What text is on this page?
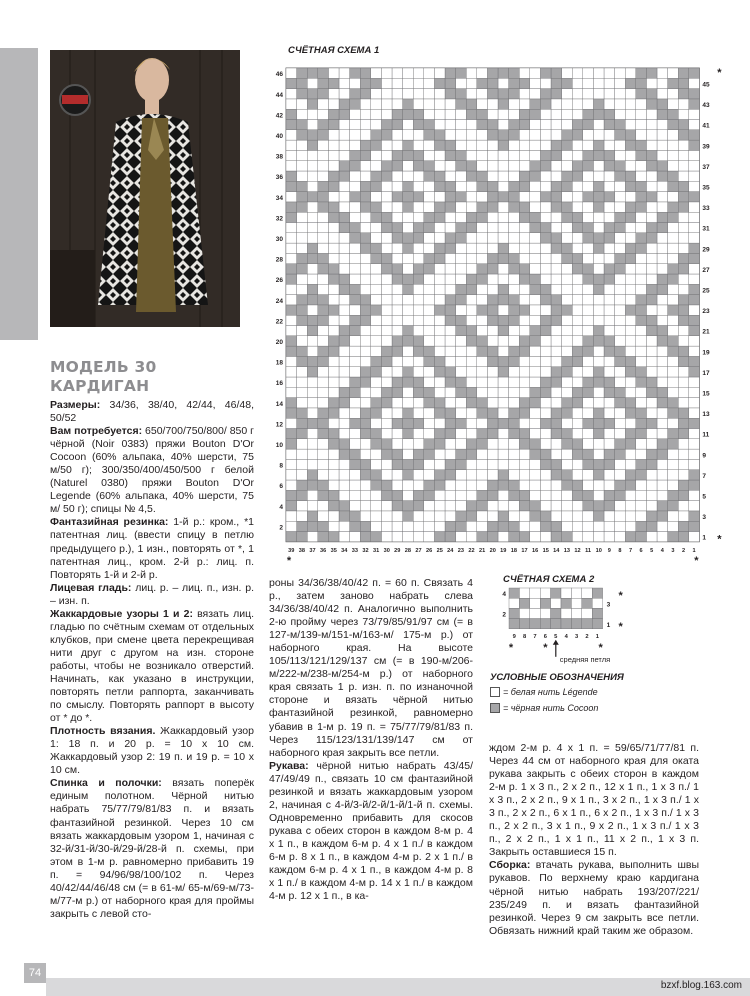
МОДЕЛЬ 30
КАРДИГАН

Размеры: 34/36, 38/40, 42/44, 46/48, 50/52

Вам потребуется: 650/700/750/800/ 850 г чёрной (Noir 0383) пряжи Bouton D'Or Cocoon (60% альпака, 40% шерсти, 75 м/50 г); 300/350/400/450/500 г белой (Naturel 0380) пряжи Bouton D'Or Legende (60% альпака, 40% шерсти, 75 м/ 50 г); спицы № 4,5.

Фантазийная резинка: 1-й р.: кром., *1 патентная лиц. (ввести спицу в петлю предыдущего р.), 1 изн., повторять от *, 1 патентная лиц., кром. 2-й р.: лиц. п. Повторять 1-й и 2-й р.

Лицевая гладь: лиц. р. – лиц. п., изн. р. – изн. п.

Жаккардовые узоры 1 и 2: вязать лиц. гладью по счётным схемам от отдельных клубков, при смене цвета перекрещивая нити друг с другом на изн. стороне работы, чтобы не возникало отверстий. Начинать, как указано в инструкции, повторять петли раппорта, заканчивать по смыслу. Повторять раппорт в высоту от * до *.

Плотность вязания. Жаккардовый узор 1: 18 п. и 20 р. = 10 х 10 см. Жаккардовый узор 2: 19 п. и 19 р. = 10 х 10 см.

Спинка и полочки: вязать поперёк единым полотном. Чёрной нитью набрать 75/77/79/81/83 п. и вязать фантазийной резинкой. Через 10 см вязать жаккардовым узором 1, начиная с 32-й/31-й/30-й/29-й/28-й п. схемы, при этом в 1-м р. равномерно прибавить 19 п. = 94/96/98/100/102 п. Через 40/42/44/46/48 см (= в 61-м/ 65-м/69-м/73-м/77-м р.) от наборного края для проймы закрыть с левой сто-

роны 34/36/38/40/42 п. = 60 п. Связать 4 р., затем заново набрать слева 34/36/38/40/42 п. Аналогично выполнить 2-ю пройму через 73/79/85/91/97 см (= в 127-м/139-м/151-м/163-м/ 175-м р.) от наборного края. На высоте 105/113/121/129/137 см (= в 190-м/206-м/222-м/238-м/254-м р.) от наборного края связать 1 р. изн. п. по изнаночной стороне и вязать чёрной нитью фантазийной резинкой, равномерно убавив в 1-м р. 19 п. = 75/77/79/81/83 п. Через 115/123/131/139/147 см от наборного края закрыть все петли.

Рукава: чёрной нитью набрать 43/45/ 47/49/49 п., связать 10 см фантазийной резинкой и вязать жаккардовым узором 2, начиная с 4-й/3-й/2-й/1-й/1-й п. схемы. Одновременно прибавить для скосов рукава с обеих сторон в каждом 8-м р. 4 х 1 п., в каждом 6-м р. 4 х 1 п./ в каждом 6-м р. 8 х 1 п., в каждом 4-м р. 2 х 1 п./ в каждом 6-м р. 4 х 1 п., в каждом 4-м р. 8 х 1 п./ в каждом 4-м р. 14 х 1 п./ в каждом 4-м р. 12 х 1 п., в ка-

ждом 2-м р. 4 х 1 п. = 59/65/71/77/81 п. Через 44 см от наборного края для оката рукава закрыть с обеих сторон в каждом 2-м р. 1 х 3 п., 2 х 2 п., 12 х 1 п., 1 х 3 п./ 1 х 3 п., 2 х 2 п., 9 х 1 п., 3 х 2 п., 1 х 3 п./ 1 х 3 п., 2 х 2 п., 6 х 1 п., 6 х 2 п., 1 х 3 п./ 1 х 3 п., 2 х 2 п., 3 х 1 п., 9 х 2 п., 1 х 3 п./ 1 х 3 п., 2 х 2 п., 1 х 1 п., 11 х 2 п., 1 х 3 п. Закрыть оставшиеся 15 п.

Сборка: втачать рукава, выполнить швы рукавов. По верхнему краю кардигана чёрной нитью набрать 193/207/221/ 235/249 п. и вязать фантазийной резинкой. Через 9 см закрыть все петли. Обвязать нижний край таким же образом.

СЧЁТНАЯ СХЕМА 1
2
4
6
8
10
12
14
16
18
20
22
24
26
28
30
32
34
36
38
40
42
44
46
1
3
5
7
9
11
13
15
17
19
21
23
25
27
29
31
33
35
37
39
41
43
45
39 38 37 36 35 34 33 32 31 30 29 28 27 26 25 24 23 22 21 20 19 18 17 16 15 14 13 12 11 10 9 8 7 6 5 4 3 2 1
*
*
*	*
СЧЁТНАЯ СХЕМА 2
2
4
1
3
9 8 7 6 5 4 3 2 1
*
*
*	*	*
средняя петля
УСЛОВНЫЕ ОБОЗНАЧЕНИЯ
= белая нить Légende
= чёрная нить Cocoon
74
bzxf.blog.163.com
